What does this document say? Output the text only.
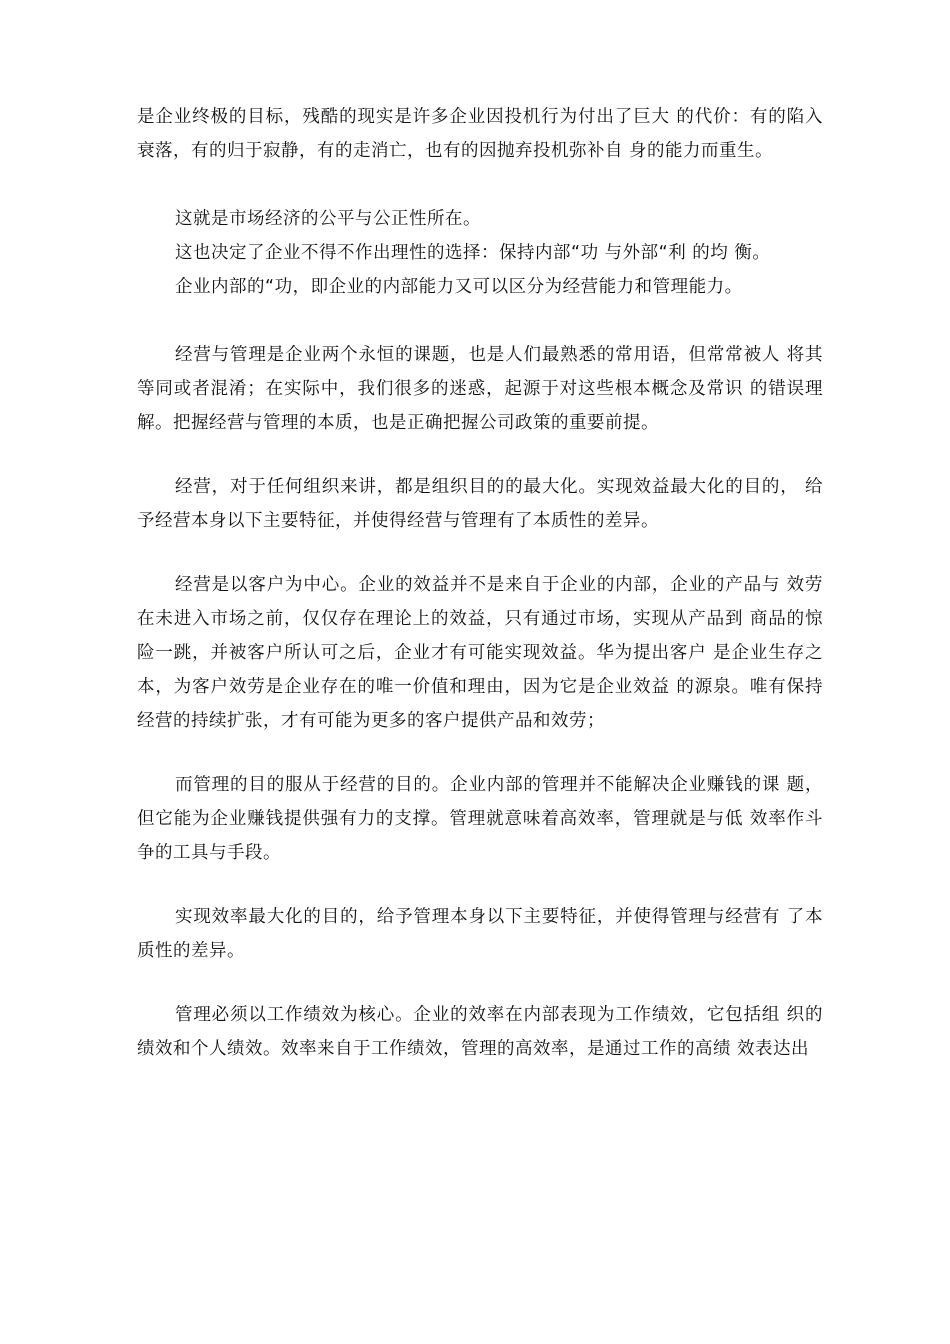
是企业终极的目标，残酷的现实是许多企业因投机行为付出了巨大 的代价：有的陷入衰落，有的归于寂静，有的走消亡，也有的因抛弃投机弥补自 身的能力而重生。

这就是市场经济的公平与公正性所在。

这也决定了企业不得不作出理性的选择：保持内部“功 与外部“利 的均 衡。

企业内部的“功，即企业的内部能力又可以区分为经营能力和管理能力。

经营与管理是企业两个永恒的课题，也是人们最熟悉的常用语，但常常被人 将其等同或者混淆；在实际中，我们很多的迷惑，起源于对这些根本概念及常识 的错误理解。把握经营与管理的本质，也是正确把握公司政策的重要前提。

经营，对于任何组织来讲，都是组织目的的最大化。实现效益最大化的目的， 给予经营本身以下主要特征，并使得经营与管理有了本质性的差异。

经营是以客户为中心。企业的效益并不是来自于企业的内部，企业的产品与 效劳在未进入市场之前，仅仅存在理论上的效益，只有通过市场，实现从产品到 商品的惊险一跳，并被客户所认可之后，企业才有可能实现效益。华为提出客户 是企业生存之本，为客户效劳是企业存在的唯一价值和理由，因为它是企业效益 的源泉。唯有保持经营的持续扩张，才有可能为更多的客户提供产品和效劳；

而管理的目的服从于经营的目的。企业内部的管理并不能解决企业赚钱的课 题，但它能为企业赚钱提供强有力的支撑。管理就意味着高效率，管理就是与低 效率作斗争的工具与手段。

实现效率最大化的目的，给予管理本身以下主要特征，并使得管理与经营有 了本质性的差异。

管理必须以工作绩效为核心。企业的效率在内部表现为工作绩效，它包括组 织的绩效和个人绩效。效率来自于工作绩效，管理的高效率，是通过工作的高绩 效表达出
